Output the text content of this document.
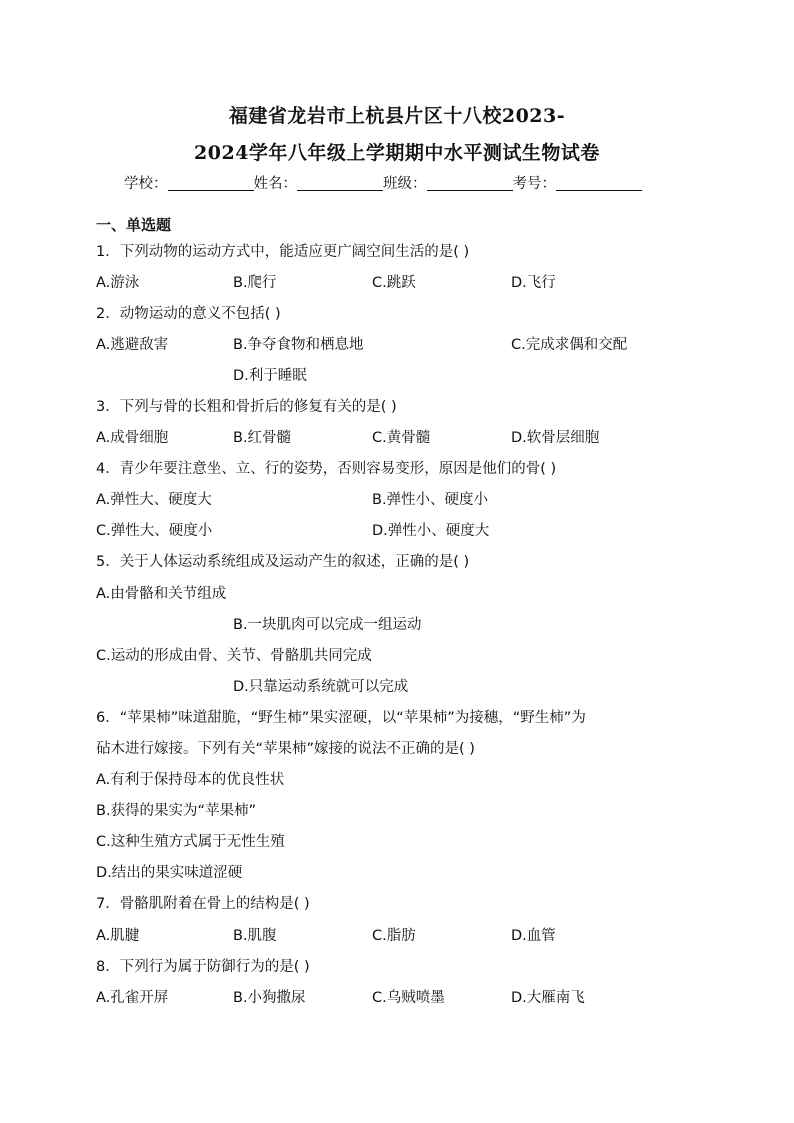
福建省龙岩市上杭县片区十八校2023-
2024学年八年级上学期期中水平测试生物试卷
学校：	姓名：	班级：	考号：
一、单选题
1．下列动物的运动方式中，能适应更广阔空间生活的是( )
A.游泳	B.爬行	C.跳跃	D.飞行
2．动物运动的意义不包括( )
A.逃避敌害	B.争夺食物和栖息地	C.完成求偶和交配
D.利于睡眠
3．下列与骨的长粗和骨折后的修复有关的是( )
A.成骨细胞	B.红骨髓	C.黄骨髓	D.软骨层细胞
4．青少年要注意坐、立、行的姿势，否则容易变形，原因是他们的骨( )
A.弹性大、硬度大	B.弹性小、硬度小
C.弹性大、硬度小	D.弹性小、硬度大
5．关于人体运动系统组成及运动产生的叙述，正确的是( )
A.由骨骼和关节组成
B.一块肌肉可以完成一组运动
C.运动的形成由骨、关节、骨骼肌共同完成
D.只靠运动系统就可以完成
6．“苹果柿”味道甜脆，“野生柿”果实涩硬，以“苹果柿”为接穗，“野生柿”为
砧木进行嫁接。下列有关“苹果柿”嫁接的说法不正确的是( )
A.有利于保持母本的优良性状
B.获得的果实为“苹果柿”
C.这种生殖方式属于无性生殖
D.结出的果实味道涩硬
7．骨骼肌附着在骨上的结构是( )
A.肌腱	B.肌腹	C.脂肪	D.血管
8．下列行为属于防御行为的是( )
A.孔雀开屏	B.小狗撒尿	C.乌贼喷墨	D.大雁南飞
